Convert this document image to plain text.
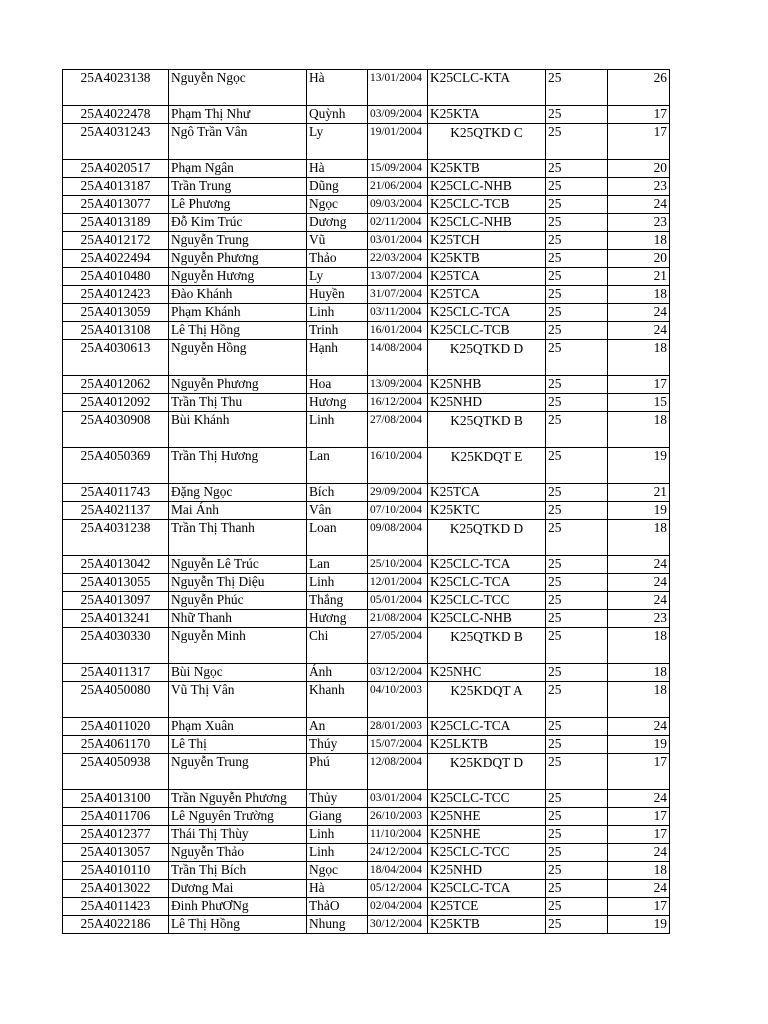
25A4023138	Nguyễn Ngọc	Hà	13/01/2004	K25CLC-KTA	25	26
25A4022478	Phạm Thị Như	Quỳnh	03/09/2004	K25KTA	25	17
25A4031243	Ngô Trần Vân	Ly	19/01/2004	K25QTKD C	25	17
25A4020517	Phạm Ngân	Hà	15/09/2004	K25KTB	25	20
25A4013187	Trần Trung	Dũng	21/06/2004	K25CLC-NHB	25	23
25A4013077	Lê Phương	Ngọc	09/03/2004	K25CLC-TCB	25	24
25A4013189	Đỗ Kim Trúc	Dương	02/11/2004	K25CLC-NHB	25	23
25A4012172	Nguyễn Trung	Vũ	03/01/2004	K25TCH	25	18
25A4022494	Nguyễn Phương	Thảo	22/03/2004	K25KTB	25	20
25A4010480	Nguyễn Hương	Ly	13/07/2004	K25TCA	25	21
25A4012423	Đào Khánh	Huyền	31/07/2004	K25TCA	25	18
25A4013059	Phạm Khánh	Linh	03/11/2004	K25CLC-TCA	25	24
25A4013108	Lê Thị Hồng	Trinh	16/01/2004	K25CLC-TCB	25	24
25A4030613	Nguyễn Hồng	Hạnh	14/08/2004	K25QTKD D	25	18
25A4012062	Nguyễn Phương	Hoa	13/09/2004	K25NHB	25	17
25A4012092	Trần Thị Thu	Hương	16/12/2004	K25NHD	25	15
25A4030908	Bùi Khánh	Linh	27/08/2004	K25QTKD B	25	18
25A4050369	Trần Thị Hương	Lan	16/10/2004	K25KDQT E	25	19
25A4011743	Đặng Ngọc	Bích	29/09/2004	K25TCA	25	21
25A4021137	Mai Ánh	Vân	07/10/2004	K25KTC	25	19
25A4031238	Trần Thị Thanh	Loan	09/08/2004	K25QTKD D	25	18
25A4013042	Nguyễn Lê Trúc	Lan	25/10/2004	K25CLC-TCA	25	24
25A4013055	Nguyễn Thị Diệu	Linh	12/01/2004	K25CLC-TCA	25	24
25A4013097	Nguyễn Phúc	Thắng	05/01/2004	K25CLC-TCC	25	24
25A4013241	Nhữ Thanh	Hương	21/08/2004	K25CLC-NHB	25	23
25A4030330	Nguyễn Minh	Chi	27/05/2004	K25QTKD B	25	18
25A4011317	Bùi Ngọc	Ánh	03/12/2004	K25NHC	25	18
25A4050080	Vũ Thị Vân	Khanh	04/10/2003	K25KDQT A	25	18
25A4011020	Phạm Xuân	An	28/01/2003	K25CLC-TCA	25	24
25A4061170	Lê Thị	Thúy	15/07/2004	K25LKTB	25	19
25A4050938	Nguyễn Trung	Phú	12/08/2004	K25KDQT D	25	17
25A4013100	Trần Nguyễn Phương	Thủy	03/01/2004	K25CLC-TCC	25	24
25A4011706	Lê Nguyên Trường	Giang	26/10/2003	K25NHE	25	17
25A4012377	Thái Thị Thùy	Linh	11/10/2004	K25NHE	25	17
25A4013057	Nguyễn Thảo	Linh	24/12/2004	K25CLC-TCC	25	24
25A4010110	Trần Thị Bích	Ngọc	18/04/2004	K25NHD	25	18
25A4013022	Dương Mai	Hà	05/12/2004	K25CLC-TCA	25	24
25A4011423	Đinh PhưƠNg	ThảO	02/04/2004	K25TCE	25	17
25A4022186	Lê Thị Hồng	Nhung	30/12/2004	K25KTB	25	19
